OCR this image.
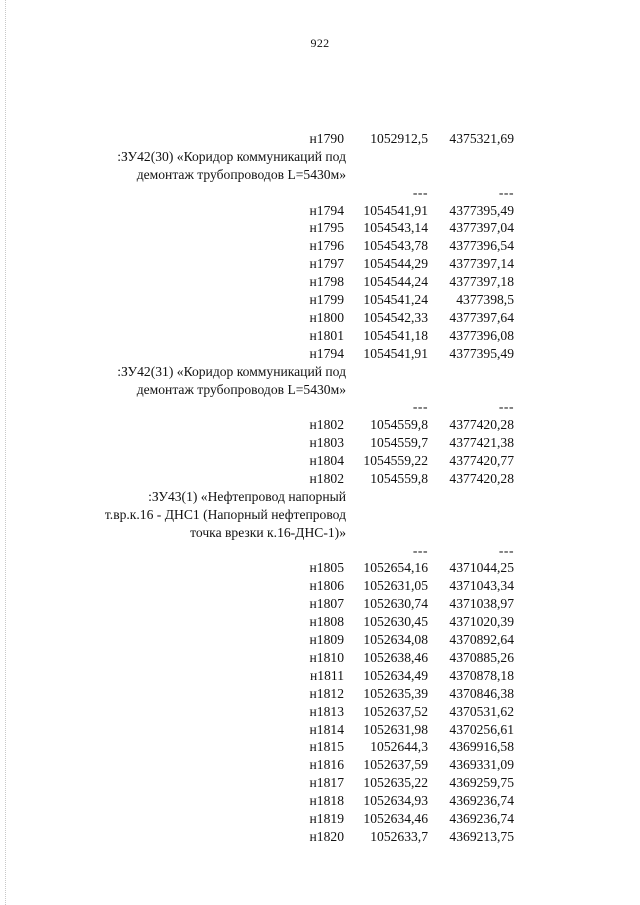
922
н1790 1052912,5 4375321,69
:ЗУ42(30) «Коридор коммуникаций под
демонтаж трубопроводов L=5430м»
---	---
н1794 1054541,91 4377395,49
н1795 1054543,14 4377397,04
н1796 1054543,78 4377396,54
н1797 1054544,29 4377397,14
н1798 1054544,24 4377397,18
н1799 1054541,24 4377398,5
н1800 1054542,33 4377397,64
н1801 1054541,18 4377396,08
н1794 1054541,91 4377395,49
:ЗУ42(31) «Коридор коммуникаций под
демонтаж трубопроводов L=5430м»
---	---
н1802 1054559,8 4377420,28
н1803 1054559,7 4377421,38
н1804 1054559,22 4377420,77
н1802 1054559,8 4377420,28
:ЗУ43(1) «Нефтепровод напорный
т.вр.к.16 - ДНС1 (Напорный нефтепровод
точка врезки к.16-ДНС-1)»
---	---
н1805 1052654,16 4371044,25
н1806 1052631,05 4371043,34
н1807 1052630,74 4371038,97
н1808 1052630,45 4371020,39
н1809 1052634,08 4370892,64
н1810 1052638,46 4370885,26
н1811 1052634,49 4370878,18
н1812 1052635,39 4370846,38
н1813 1052637,52 4370531,62
н1814 1052631,98 4370256,61
н1815 1052644,3 4369916,58
н1816 1052637,59 4369331,09
н1817 1052635,22 4369259,75
н1818 1052634,93 4369236,74
н1819 1052634,46 4369236,74
н1820 1052633,7 4369213,75
